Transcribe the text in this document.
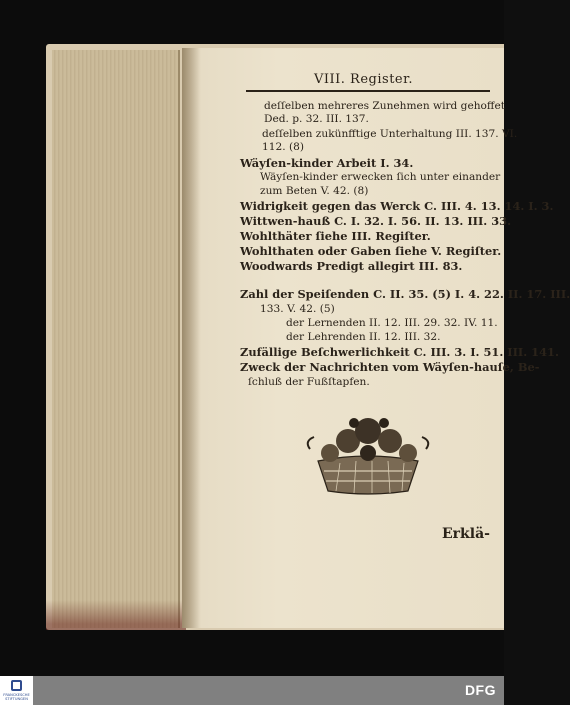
VIII. Register.
deſſelben mehreres Zunehmen wird gehoffet
Ded. p. 32. III. 137.
deſſelben zukünfftige Unterhaltung III. 137. VI.
112. (8)
Wäyſen-kinder Arbeit I. 34.
Wäyſen-kinder erwecken ſich unter einander
zum Beten V. 42. (8)
Widrigkeit gegen das Werck C. III. 4. 13. 14. I. 3.
Wittwen-hauß C. I. 32. I. 56. II. 13. III. 33.
Wohlthäter ſiehe III. Regiſter.
Wohlthaten oder Gaben ſiehe V. Regiſter.
Woodwards Predigt allegirt III. 83.
Zahl der Speiſenden C. II. 35. (5) I. 4. 22. II. 17. III.
133. V. 42. (5)
der Lernenden II. 12. III. 29. 32. IV. 11.
der Lehrenden II. 12. III. 32.
Zufällige Beſchwerlichkeit C. III. 3. I. 51. III. 141.
Zweck der Nachrichten vom Wäyſen-hauſe, Be-
ſchluß der Fußſtapfen.
Erklä-
FRANCKESCHE STIFTUNGEN
DFG
